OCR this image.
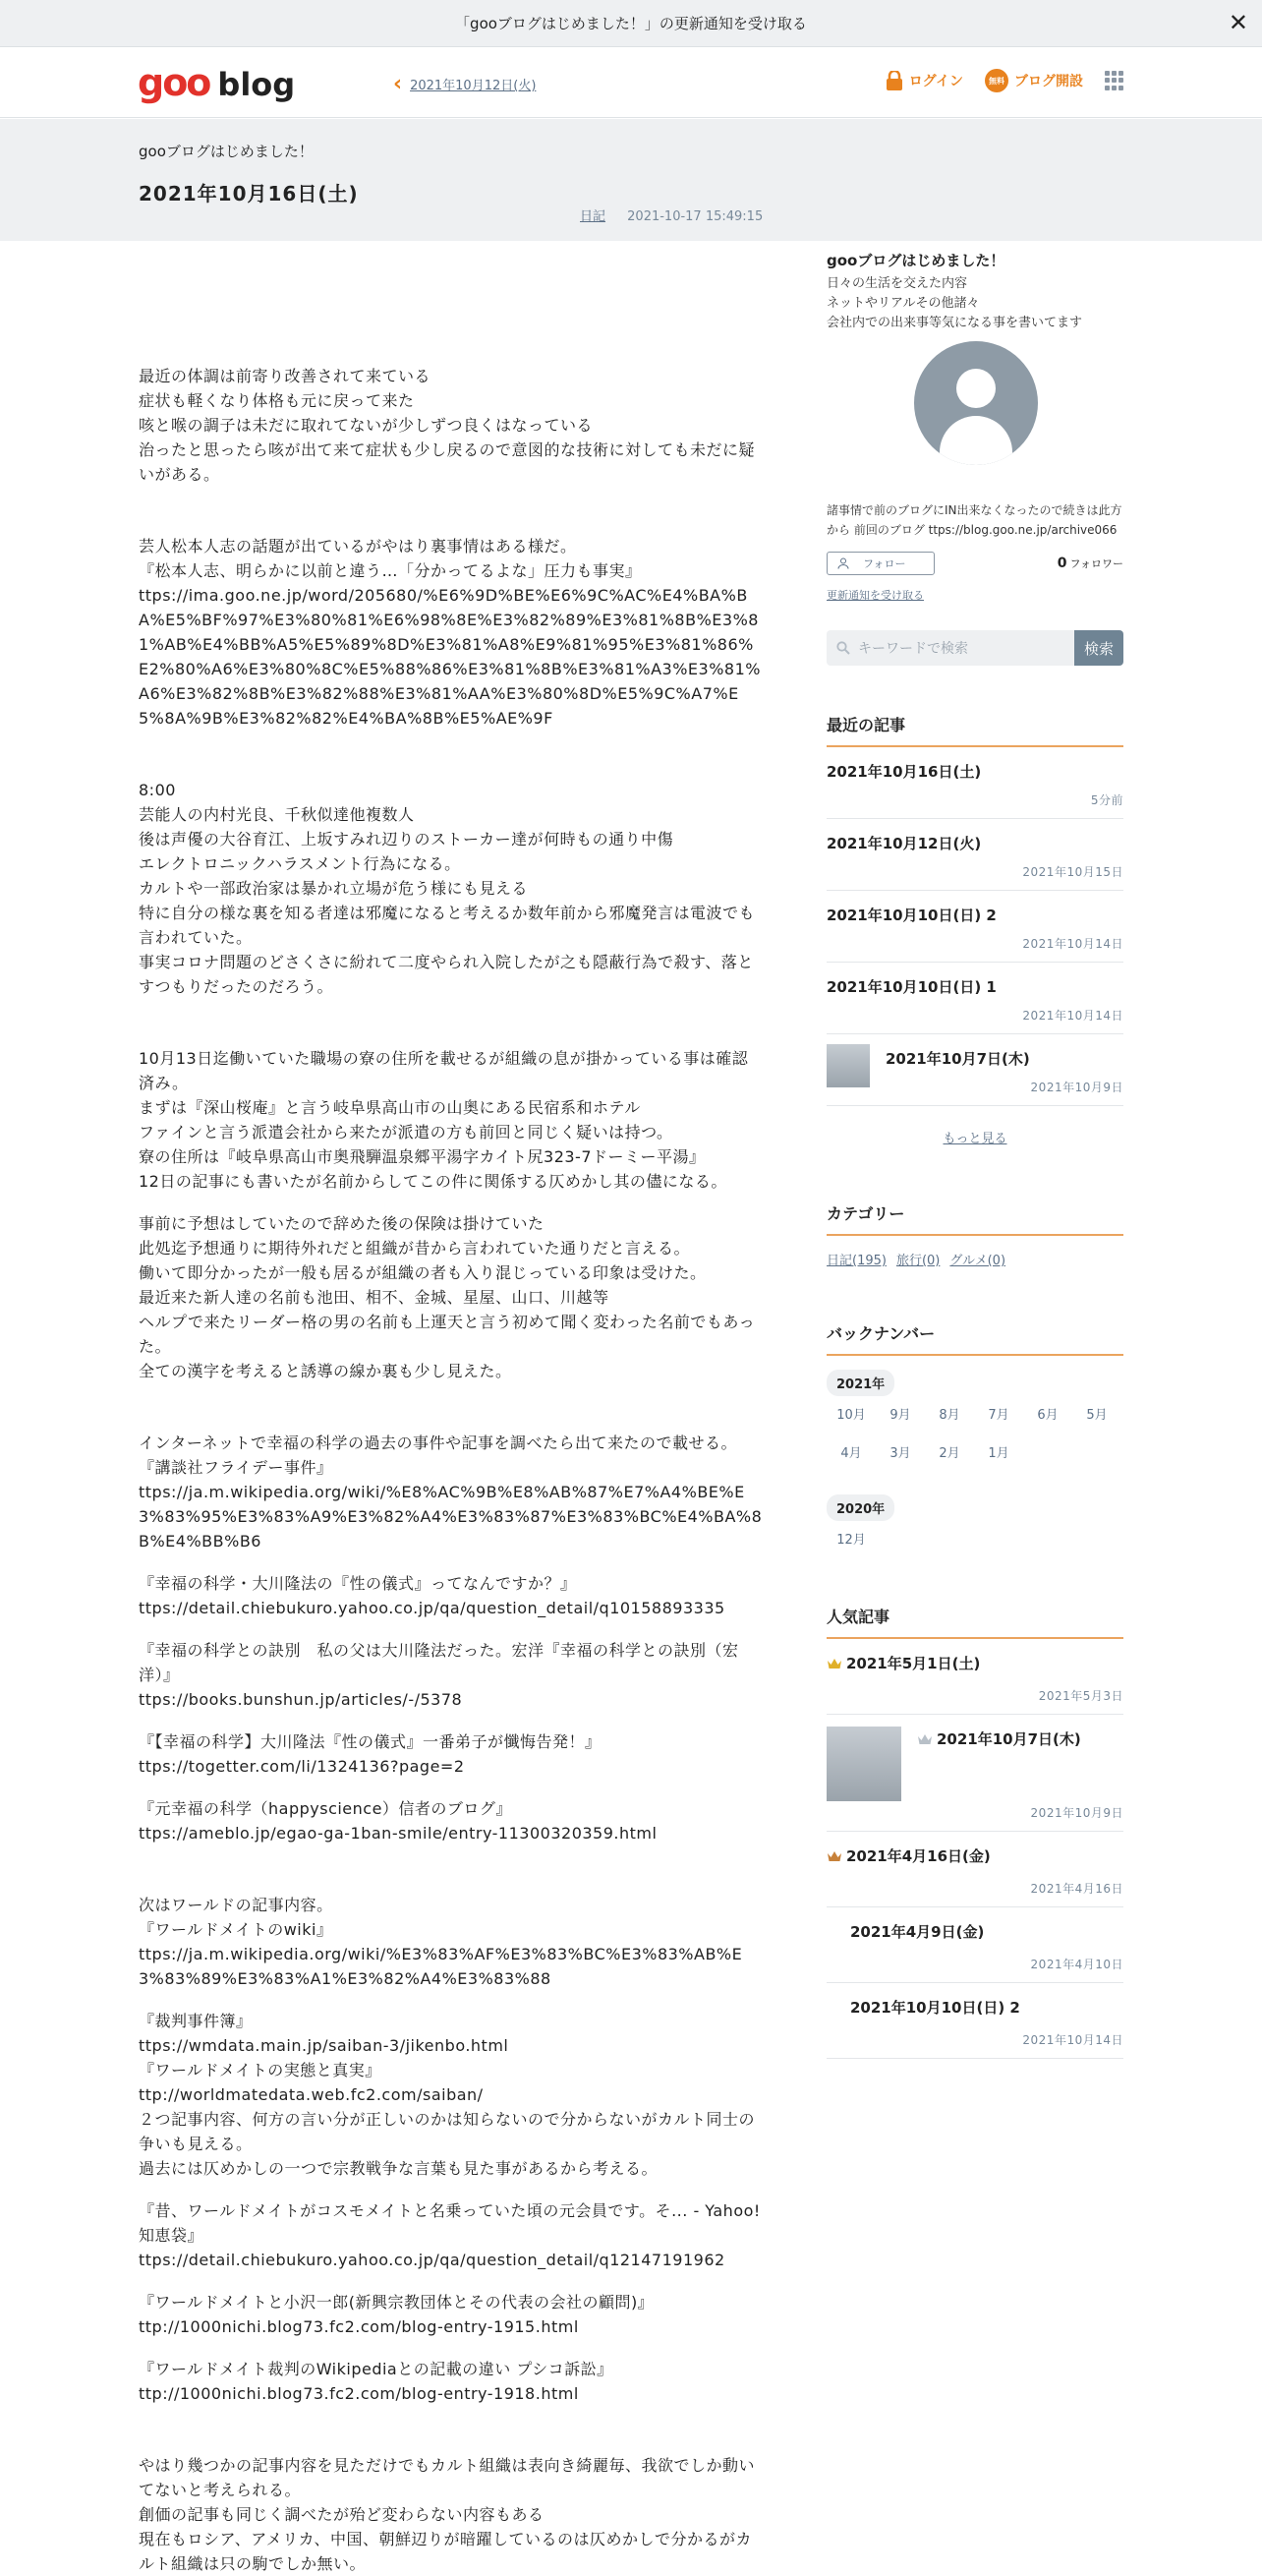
「gooブログはじめました！」の更新通知を受け取る	✕
goo blog	‹ 2021年10月12日(火)	ログイン	無料 ブログ開設
gooブログはじめました！
2021年10月16日(土)
日記 2021-10-17 15:49:15

最近の体調は前寄り改善されて来ている
症状も軽くなり体格も元に戻って来た
咳と喉の調子は未だに取れてないが少しずつ良くはなっている
治ったと思ったら咳が出て来て症状も少し戻るので意図的な技術に対しても未だに疑いがある。

芸人松本人志の話題が出ているがやはり裏事情はある様だ。
『松本人志、明らかに以前と違う…「分かってるよな」圧力も事実』
ttps://ima.goo.ne.jp/word/205680/%E6%9D%BE%E6%9C%AC%E4%BA%BA%E5%BF%97%E3%80%81%E6%98%8E%E3%82%89%E3%81%8B%E3%81%AB%E4%BB%A5%E5%89%8D%E3%81%A8%E9%81%95%E3%81%86%E2%80%A6%E3%80%8C%E5%88%86%E3%81%8B%E3%81%A3%E3%81%A6%E3%82%8B%E3%82%88%E3%81%AA%E3%80%8D%E5%9C%A7%E5%8A%9B%E3%82%82%E4%BA%8B%E5%AE%9F

8:00
芸能人の内村光良、千秋似達他複数人
後は声優の大谷育江、上坂すみれ辺りのストーカー達が何時もの通り中傷
エレクトロニックハラスメント行為になる。
カルトや一部政治家は暴かれ立場が危う様にも見える
特に自分の様な裏を知る者達は邪魔になると考えるか数年前から邪魔発言は電波でも言われていた。
事実コロナ問題のどさくさに紛れて二度やられ入院したが之も隠蔽行為で殺す、落とすつもりだったのだろう。

10月13日迄働いていた職場の寮の住所を載せるが組織の息が掛かっている事は確認済み。
まずは『深山桜庵』と言う岐阜県高山市の山奥にある民宿系和ホテル
ファインと言う派遣会社から来たが派遣の方も前回と同じく疑いは持つ。
寮の住所は『岐阜県高山市奥飛騨温泉郷平湯字カイト尻323-7ドーミー平湯』
12日の記事にも書いたが名前からしてこの件に関係する仄めかし其の儘になる。

事前に予想はしていたので辞めた後の保険は掛けていた
此処迄予想通りに期待外れだと組織が昔から言われていた通りだと言える。
働いて即分かったが一般も居るが組織の者も入り混じっている印象は受けた。
最近来た新人達の名前も池田、相不、金城、星屋、山口、川越等
ヘルプで来たリーダー格の男の名前も上運天と言う初めて聞く変わった名前でもあった。
全ての漢字を考えると誘導の線か裏も少し見えた。

インターネットで幸福の科学の過去の事件や記事を調べたら出て来たので載せる。
『講談社フライデー事件』
ttps://ja.m.wikipedia.org/wiki/%E8%AC%9B%E8%AB%87%E7%A4%BE%E3%83%95%E3%83%A9%E3%82%A4%E3%83%87%E3%83%BC%E4%BA%8B%E4%BB%B6

『幸福の科学・大川隆法の『性の儀式』ってなんですか？』
ttps://detail.chiebukuro.yahoo.co.jp/qa/question_detail/q10158893335

『幸福の科学との訣別　私の父は大川隆法だった。宏洋『幸福の科学との訣別（宏洋）』
ttps://books.bunshun.jp/articles/-/5378

『【幸福の科学】大川隆法『性の儀式』一番弟子が懺悔告発！』
ttps://togetter.com/li/1324136?page=2

『元幸福の科学（happyscience）信者のブログ』
ttps://ameblo.jp/egao-ga-1ban-smile/entry-11300320359.html

次はワールドの記事内容。
『ワールドメイトのwiki』
ttps://ja.m.wikipedia.org/wiki/%E3%83%AF%E3%83%BC%E3%83%AB%E3%83%89%E3%83%A1%E3%82%A4%E3%83%88

『裁判事件簿』
ttps://wmdata.main.jp/saiban-3/jikenbo.html
『ワールドメイトの実態と真実』
ttp://worldmatedata.web.fc2.com/saiban/
２つ記事内容、何方の言い分が正しいのかは知らないので分からないがカルト同士の争いも見える。
過去には仄めかしの一つで宗教戦争な言葉も見た事があるから考える。

『昔、ワールドメイトがコスモメイトと名乗っていた頃の元会員です。そ... - Yahoo!知恵袋』
ttps://detail.chiebukuro.yahoo.co.jp/qa/question_detail/q12147191962

『ワールドメイトと小沢一郎(新興宗教団体とその代表の会社の顧問)』
ttp://1000nichi.blog73.fc2.com/blog-entry-1915.html

『ワールドメイト裁判のWikipediaとの記載の違い プシコ訴訟』
ttp://1000nichi.blog73.fc2.com/blog-entry-1918.html

やはり幾つかの記事内容を見ただけでもカルト組織は表向き綺麗毎、我欲でしか動いてないと考えられる。
創価の記事も同じく調べたが殆ど変わらない内容もある
現在もロシア、アメリカ、中国、朝鮮辺りが暗躍しているのは仄めかしで分かるがカルト組織は只の駒でしか無い。

gooブログはじめました！
日々の生活を交えた内容
ネットやリアルその他諸々
会社内での出来事等気になる事を書いてます
諸事情で前のブログにIN出来なくなったので続きは此方から 前回のブログ ttps://blog.goo.ne.jp/archive066
フォロー	0 フォロワー
更新通知を受け取る
キーワードで検索	検索
最近の記事
2021年10月16日(土)
5分前
2021年10月12日(火)
2021年10月15日
2021年10月10日(日) 2
2021年10月14日
2021年10月10日(日) 1
2021年10月14日
2021年10月7日(木)
2021年10月9日
もっと見る
カテゴリー
日記(195) 旅行(0) グルメ(0)
バックナンバー
2021年
10月	9月	8月	7月	6月	5月
4月	3月	2月	1月
2020年
12月
人気記事
2021年5月1日(土)
2021年5月3日
2021年10月7日(木)
2021年10月9日
2021年4月16日(金)
2021年4月16日
2021年4月9日(金)
2021年4月10日
2021年10月10日(日) 2
2021年10月14日
